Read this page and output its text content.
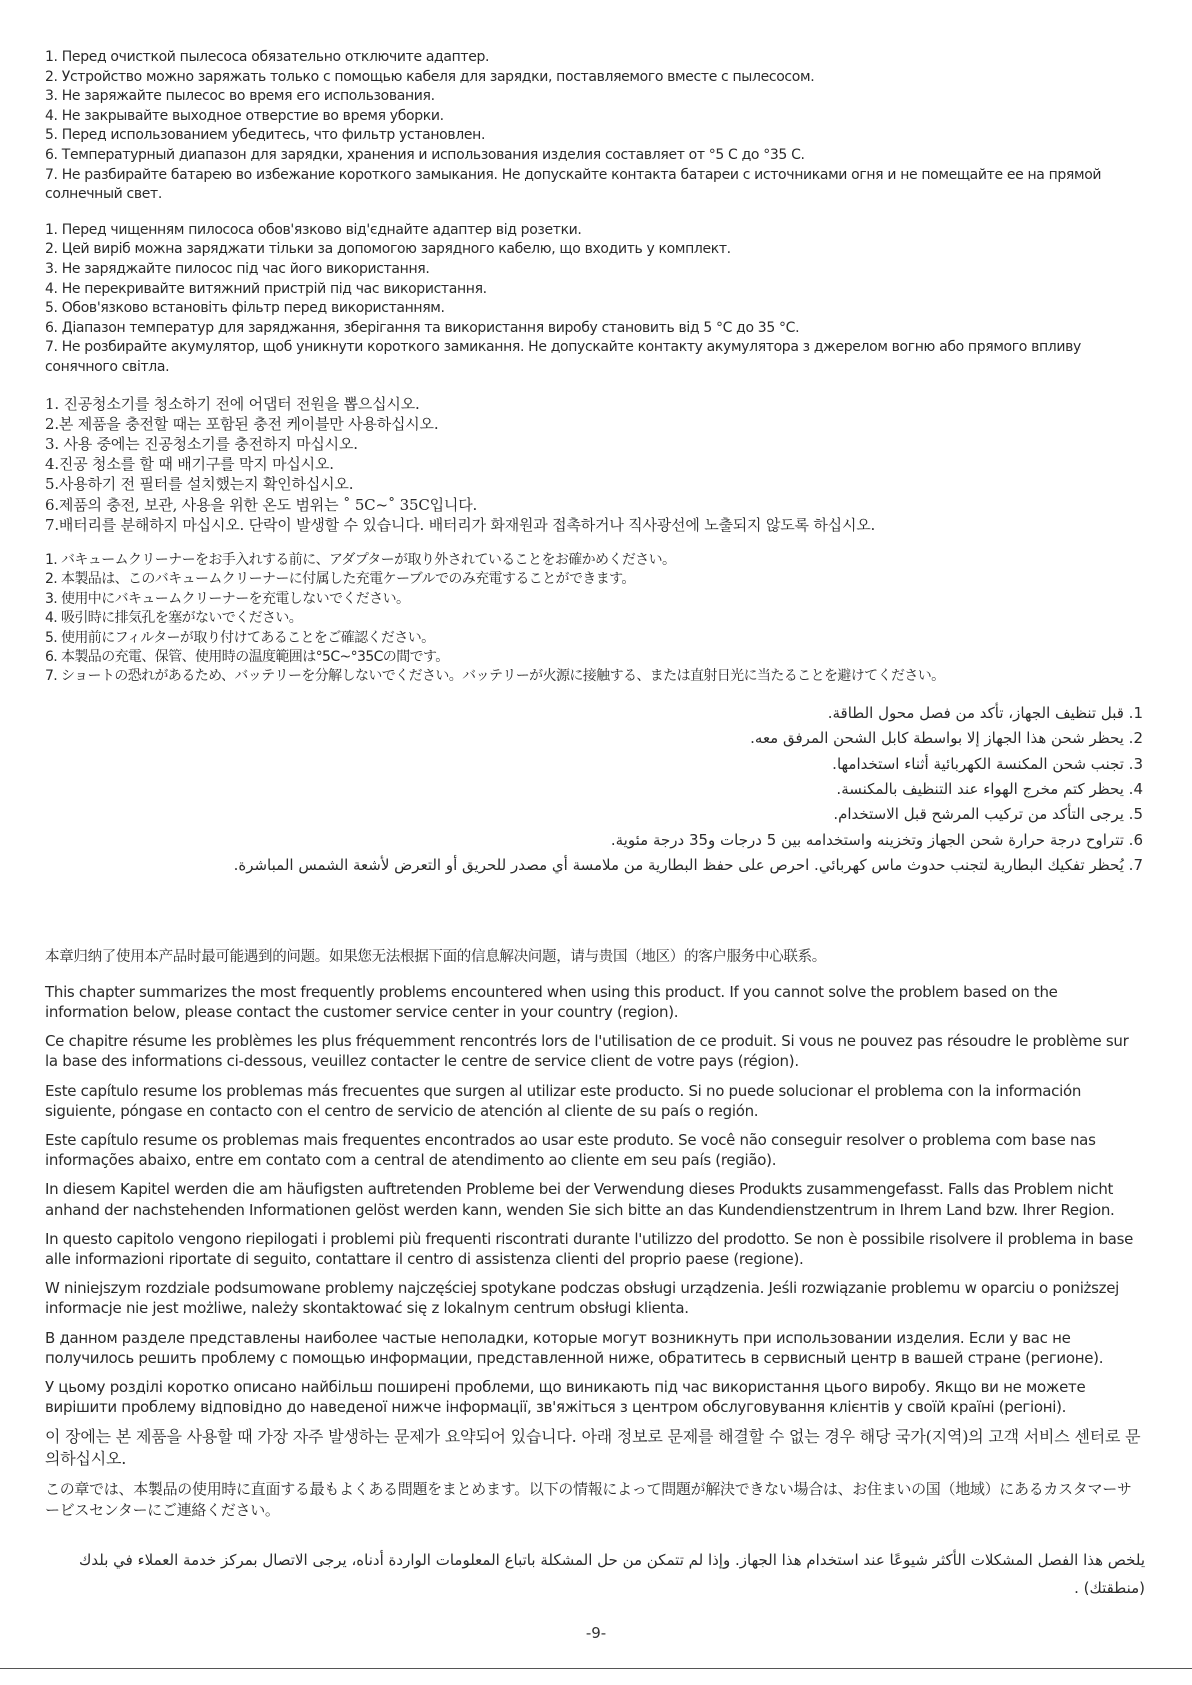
1. Перед очисткой пылесоса обязательно отключите адаптер.
2. Устройство можно заряжать только с помощью кабеля для зарядки, поставляемого вместе с пылесосом.
3. Не заряжайте пылесос во время его использования.
4. Не закрывайте выходное отверстие во время уборки.
5. Перед использованием убедитесь, что фильтр установлен.
6. Температурный диапазон для зарядки, хранения и использования изделия составляет от °5 С до °35 С.
7. Не разбирайте батарею во избежание короткого замыкания. Не допускайте контакта батареи с источниками огня и не помещайте ее на прямой солнечный свет.
1. Перед чищенням пилососа обов'язково від'єднайте адаптер від розетки.
2. Цей виріб можна заряджати тільки за допомогою зарядного кабелю, що входить у комплект.
3. Не заряджайте пилосос під час його використання.
4. Не перекривайте витяжний пристрій під час використання.
5. Обов'язково встановіть фільтр перед використанням.
6. Діапазон температур для заряджання, зберігання та використання виробу становить від 5 °C до 35 °C.
7. Не розбирайте акумулятор, щоб уникнути короткого замикання. Не допускайте контакту акумулятора з джерелом вогню або прямого впливу сонячного світла.
1. 진공청소기를 청소하기 전에 어댑터 전원을 뽑으십시오.
2.본 제품을 충전할 때는 포함된 충전 케이블만 사용하십시오.
3. 사용 중에는 진공청소기를 충전하지 마십시오.
4.진공 청소를 할 때 배기구를 막지 마십시오.
5.사용하기 전 필터를 설치했는지 확인하십시오.
6.제품의 충전, 보관, 사용을 위한 온도 범위는 ˚ 5C~˚ 35C입니다.
7.배터리를 분해하지 마십시오. 단락이 발생할 수 있습니다. 배터리가 화재원과 접촉하거나 직사광선에 노출되지 않도록 하십시오.
1. バキュームクリーナーをお手入れする前に、アダプターが取り外されていることをお確かめください。
2. 本製品は、このバキュームクリーナーに付属した充電ケーブルでのみ充電することができます。
3. 使用中にバキュームクリーナーを充電しないでください。
4. 吸引時に排気孔を塞がないでください。
5. 使用前にフィルターが取り付けてあることをご確認ください。
6. 本製品の充電、保管、使用時の温度範囲は°5C~°35Cの間です。
7. ショートの恐れがあるため、バッテリーを分解しないでください。バッテリーが火源に接触する、または直射日光に当たることを避けてください。
1. قبل تنظيف الجهاز، تأكد من فصل محول الطاقة.
2. يحظر شحن هذا الجهاز إلا بواسطة كابل الشحن المرفق معه.
3. تجنب شحن المكنسة الكهربائية أثناء استخدامها.
4. يحظر كتم مخرج الهواء عند التنظيف بالمكنسة.
5. يرجى التأكد من تركيب المرشح قبل الاستخدام.
6. تتراوح درجة حرارة شحن الجهاز وتخزينه واستخدامه بين 5 درجات و35 درجة مئوية.
7. يُحظر تفكيك البطارية لتجنب حدوث ماس كهربائي. احرص على حفظ البطارية من ملامسة أي مصدر للحريق أو التعرض لأشعة الشمس المباشرة.

本章归纳了使用本产品时最可能遇到的问题。如果您无法根据下面的信息解决问题，请与贵国（地区）的客户服务中心联系。

This chapter summarizes the most frequently problems encountered when using this product. If you cannot solve the problem based on the information below, please contact the customer service center in your country (region).

Ce chapitre résume les problèmes les plus fréquemment rencontrés lors de l'utilisation de ce produit. Si vous ne pouvez pas résoudre le problème sur la base des informations ci-dessous, veuillez contacter le centre de service client de votre pays (région).

Este capítulo resume los problemas más frecuentes que surgen al utilizar este producto. Si no puede solucionar el problema con la información siguiente, póngase en contacto con el centro de servicio de atención al cliente de su país o región.

Este capítulo resume os problemas mais frequentes encontrados ao usar este produto. Se você não conseguir resolver o problema com base nas informações abaixo, entre em contato com a central de atendimento ao cliente em seu país (região).

In diesem Kapitel werden die am häufigsten auftretenden Probleme bei der Verwendung dieses Produkts zusammengefasst. Falls das Problem nicht anhand der nachstehenden Informationen gelöst werden kann, wenden Sie sich bitte an das Kundendienstzentrum in Ihrem Land bzw. Ihrer Region.

In questo capitolo vengono riepilogati i problemi più frequenti riscontrati durante l'utilizzo del prodotto. Se non è possibile risolvere il problema in base alle informazioni riportate di seguito, contattare il centro di assistenza clienti del proprio paese (regione).

W niniejszym rozdziale podsumowane problemy najczęściej spotykane podczas obsługi urządzenia. Jeśli rozwiązanie problemu w oparciu o poniższej informacje nie jest możliwe, należy skontaktować się z lokalnym centrum obsługi klienta.

В данном разделе представлены наиболее частые неполадки, которые могут возникнуть при использовании изделия. Если у вас не получилось решить проблему с помощью информации, представленной ниже, обратитесь в сервисный центр в вашей стране (регионе).

У цьому розділі коротко описано найбільш поширені проблеми, що виникають під час використання цього виробу. Якщо ви не можете вирішити проблему відповідно до наведеної нижче інформації, зв'яжіться з центром обслуговування клієнтів у своїй країні (регіоні).

이 장에는 본 제품을 사용할 때 가장 자주 발생하는 문제가 요약되어 있습니다. 아래 정보로 문제를 해결할 수 없는 경우 해당 국가(지역)의 고객 서비스 센터로 문의하십시오.

この章では、本製品の使用時に直面する最もよくある問題をまとめます。以下の情報によって問題が解決できない場合は、お住まいの国（地域）にあるカスタマーサービスセンターにご連絡ください。

يلخص هذا الفصل المشكلات الأكثر شيوعًا عند استخدام هذا الجهاز. وإذا لم تتمكن من حل المشكلة باتباع المعلومات الواردة أدناه، يرجى الاتصال بمركز خدمة العملاء في بلدك (منطقتك) .

-9-
